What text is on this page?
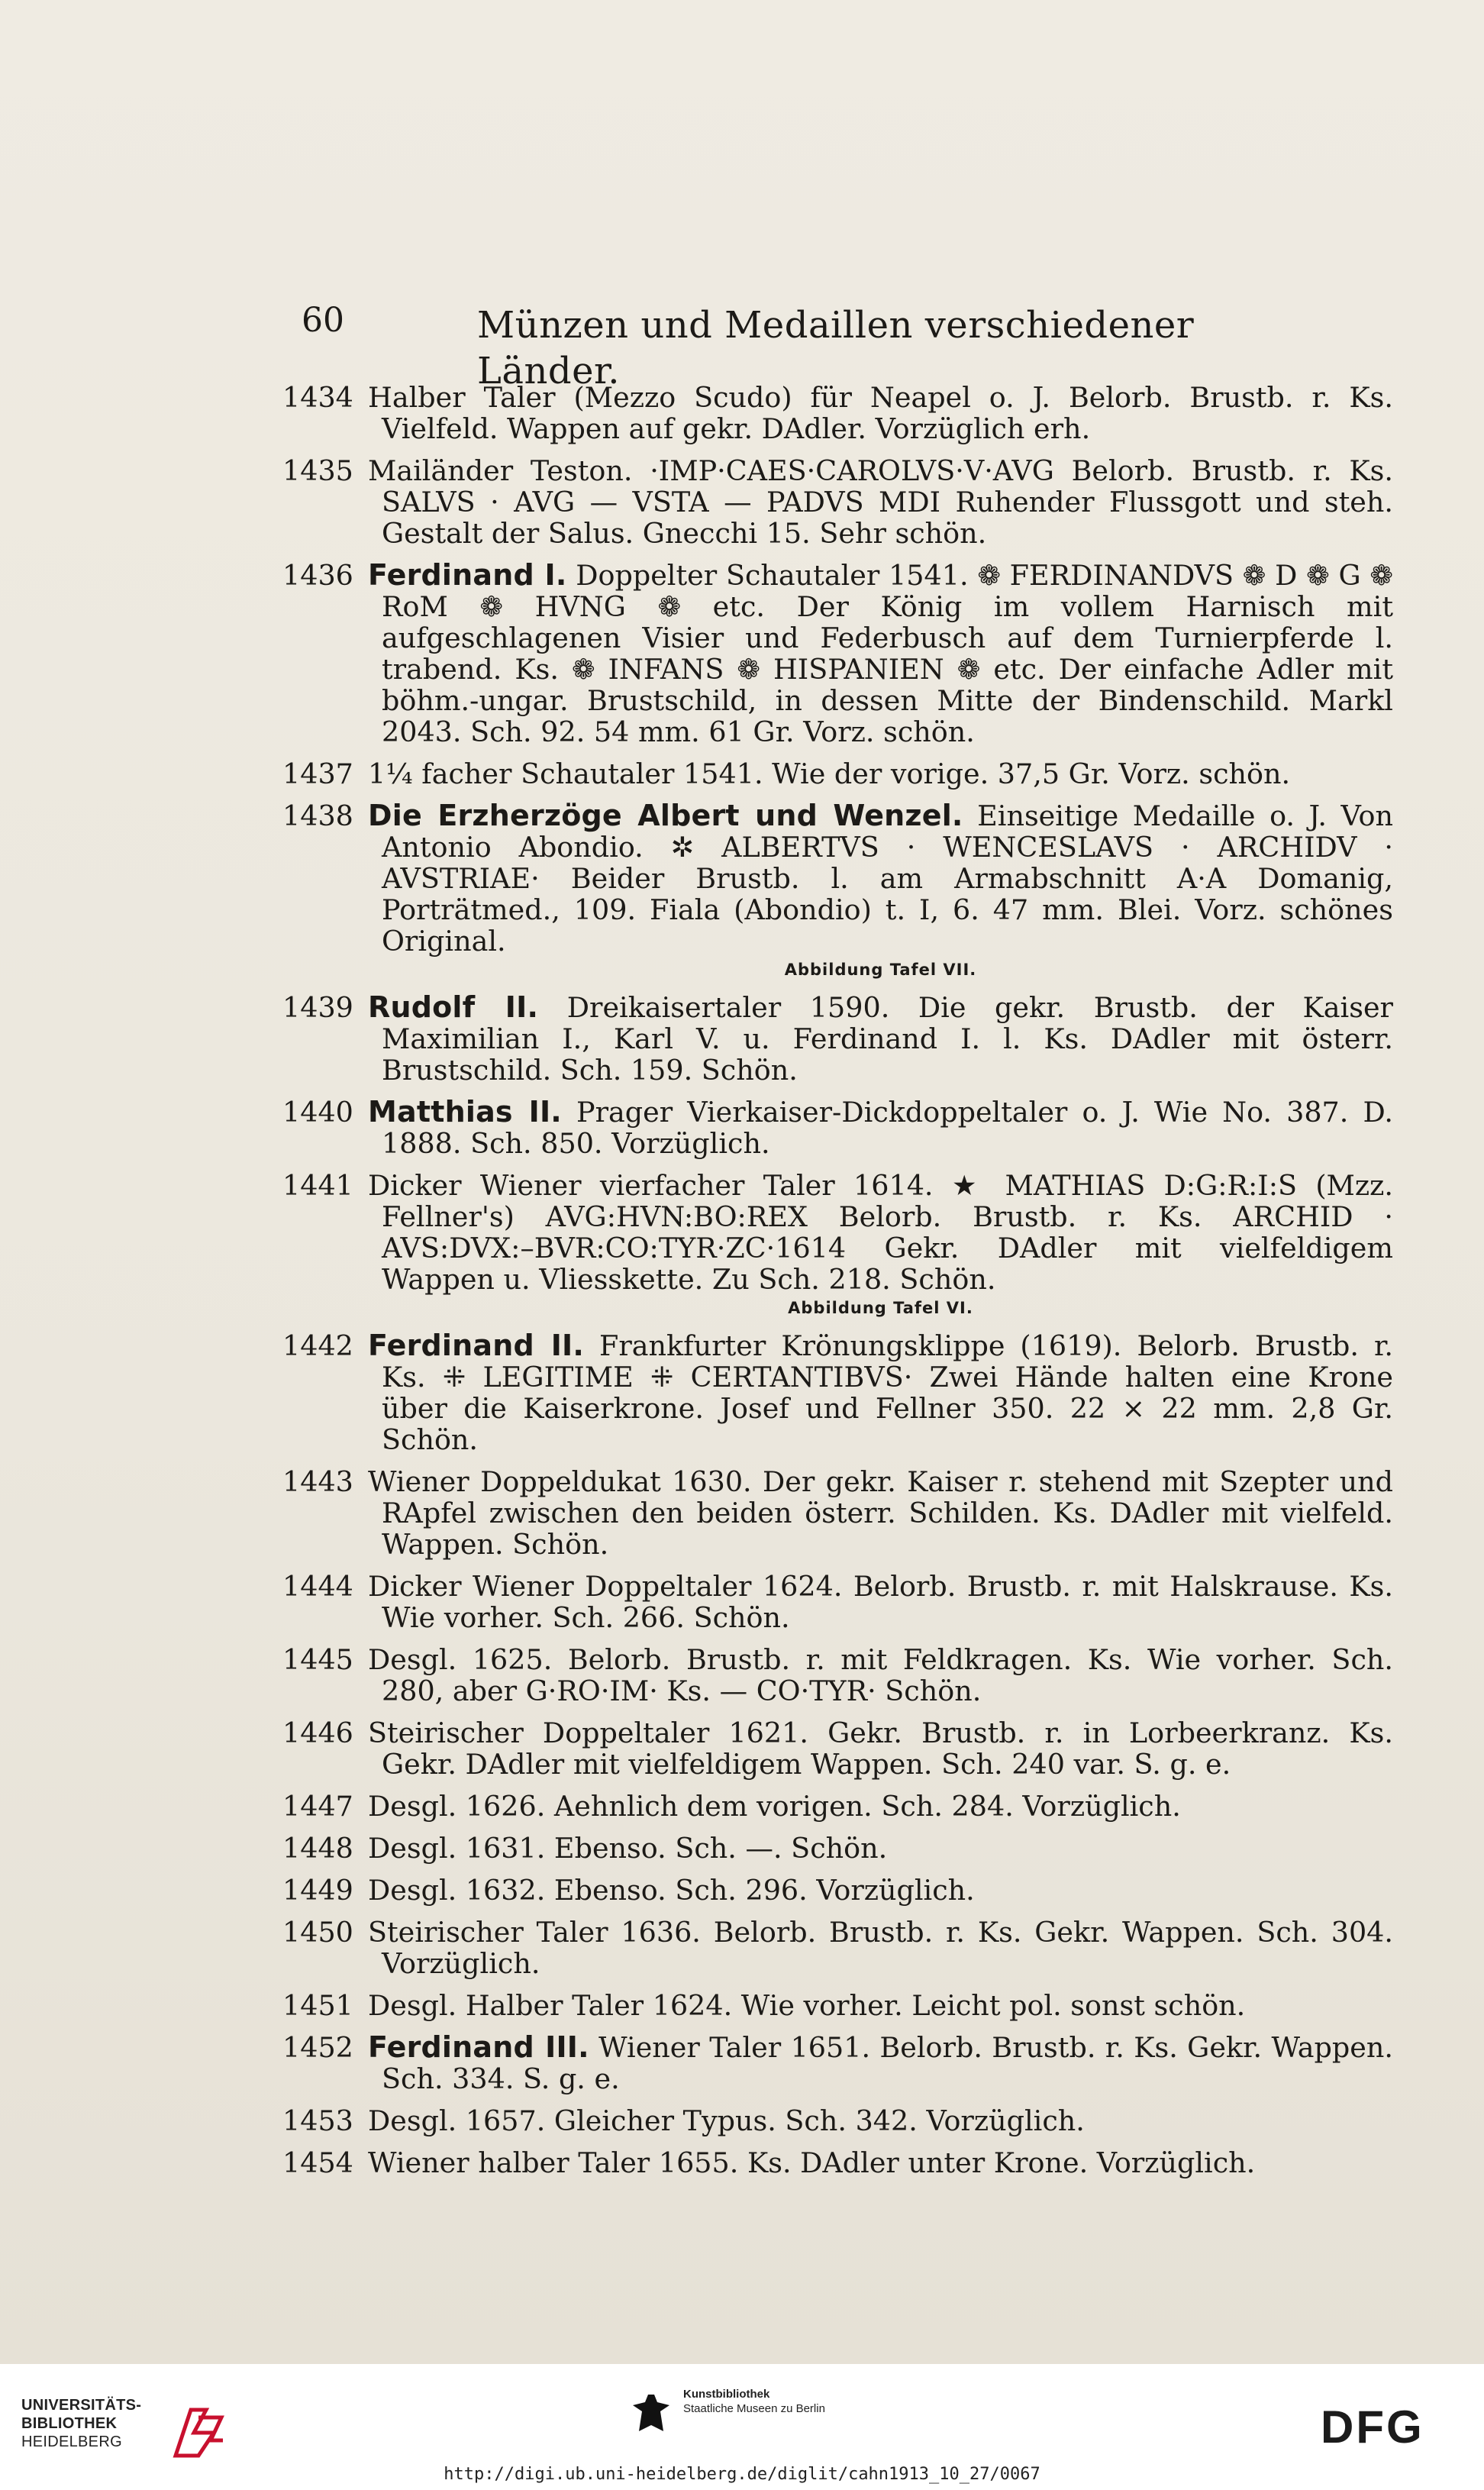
60	Münzen und Medaillen verschiedener Länder.
1434 Halber Taler (Mezzo Scudo) für Neapel o. J. Belorb. Brustb. r. Ks. Vielfeld. Wappen auf gekr. DAdler. Vorzüglich erh.
1435 Mailänder Teston. ·IMP·CAES·CAROLVS·V·AVG Belorb. Brustb. r. Ks. SALVS · AVG — VSTA — PADVS MDI Ruhender Flussgott und steh. Gestalt der Salus. Gnecchi 15. Sehr schön.
1436 Ferdinand I. Doppelter Schautaler 1541. ❁ FERDINANDVS ❁ D ❁ G ❁ RoM ❁ HVNG ❁ etc. Der König im vollem Harnisch mit aufgeschlagenen Visier und Federbusch auf dem Turnierpferde l. trabend. Ks. ❁ INFANS ❁ HISPANIEN ❁ etc. Der einfache Adler mit böhm.-ungar. Brustschild, in dessen Mitte der Bindenschild. Markl 2043. Sch. 92. 54 mm. 61 Gr. Vorz. schön.
1437 1¼ facher Schautaler 1541. Wie der vorige. 37,5 Gr. Vorz. schön.
1438 Die Erzherzöge Albert und Wenzel. Einseitige Medaille o. J. Von Antonio Abondio. ✲ ALBERTVS · WENCESLAVS · ARCHIDV · AVSTRIAE· Beider Brustb. l. am Armabschnitt A·A Domanig, Porträtmed., 109. Fiala (Abondio) t. I, 6. 47 mm. Blei. Vorz. schönes Original.
Abbildung Tafel VII.
1439 Rudolf II. Dreikaisertaler 1590. Die gekr. Brustb. der Kaiser Maximilian I., Karl V. u. Ferdinand I. l. Ks. DAdler mit österr. Brustschild. Sch. 159. Schön.
1440 Matthias II. Prager Vierkaiser-Dickdoppeltaler o. J. Wie No. 387. D. 1888. Sch. 850. Vorzüglich.
1441 Dicker Wiener vierfacher Taler 1614. ★ MATHIAS D:G:R:I:S (Mzz. Fellner's) AVG:HVN:BO:REX Belorb. Brustb. r. Ks. ARCHID · AVS:DVX:–BVR:CO:TYR·ZC·1614 Gekr. DAdler mit vielfeldigem Wappen u. Vliesskette. Zu Sch. 218. Schön.
Abbildung Tafel VI.
1442 Ferdinand II. Frankfurter Krönungsklippe (1619). Belorb. Brustb. r. Ks. ⁜ LEGITIME ⁜ CERTANTIBVS· Zwei Hände halten eine Krone über die Kaiserkrone. Josef und Fellner 350. 22 × 22 mm. 2,8 Gr. Schön.
1443 Wiener Doppeldukat 1630. Der gekr. Kaiser r. stehend mit Szepter und RApfel zwischen den beiden österr. Schilden. Ks. DAdler mit vielfeld. Wappen. Schön.
1444 Dicker Wiener Doppeltaler 1624. Belorb. Brustb. r. mit Halskrause. Ks. Wie vorher. Sch. 266. Schön.
1445 Desgl. 1625. Belorb. Brustb. r. mit Feldkragen. Ks. Wie vorher. Sch. 280, aber G·RO·IM· Ks. — CO·TYR· Schön.
1446 Steirischer Doppeltaler 1621. Gekr. Brustb. r. in Lorbeerkranz. Ks. Gekr. DAdler mit vielfeldigem Wappen. Sch. 240 var. S. g. e.
1447 Desgl. 1626. Aehnlich dem vorigen. Sch. 284. Vorzüglich.
1448 Desgl. 1631. Ebenso. Sch. —. Schön.
1449 Desgl. 1632. Ebenso. Sch. 296. Vorzüglich.
1450 Steirischer Taler 1636. Belorb. Brustb. r. Ks. Gekr. Wappen. Sch. 304. Vorzüglich.
1451 Desgl. Halber Taler 1624. Wie vorher. Leicht pol. sonst schön.
1452 Ferdinand III. Wiener Taler 1651. Belorb. Brustb. r. Ks. Gekr. Wappen. Sch. 334. S. g. e.
1453 Desgl. 1657. Gleicher Typus. Sch. 342. Vorzüglich.
1454 Wiener halber Taler 1655. Ks. DAdler unter Krone. Vorzüglich.
UNIVERSITÄTS-
BIBLIOTHEK
HEIDELBERG
Kunstbibliothek
Staatliche Museen zu Berlin	DFG
http://digi.ub.uni-heidelberg.de/diglit/cahn1913_10_27/0067
